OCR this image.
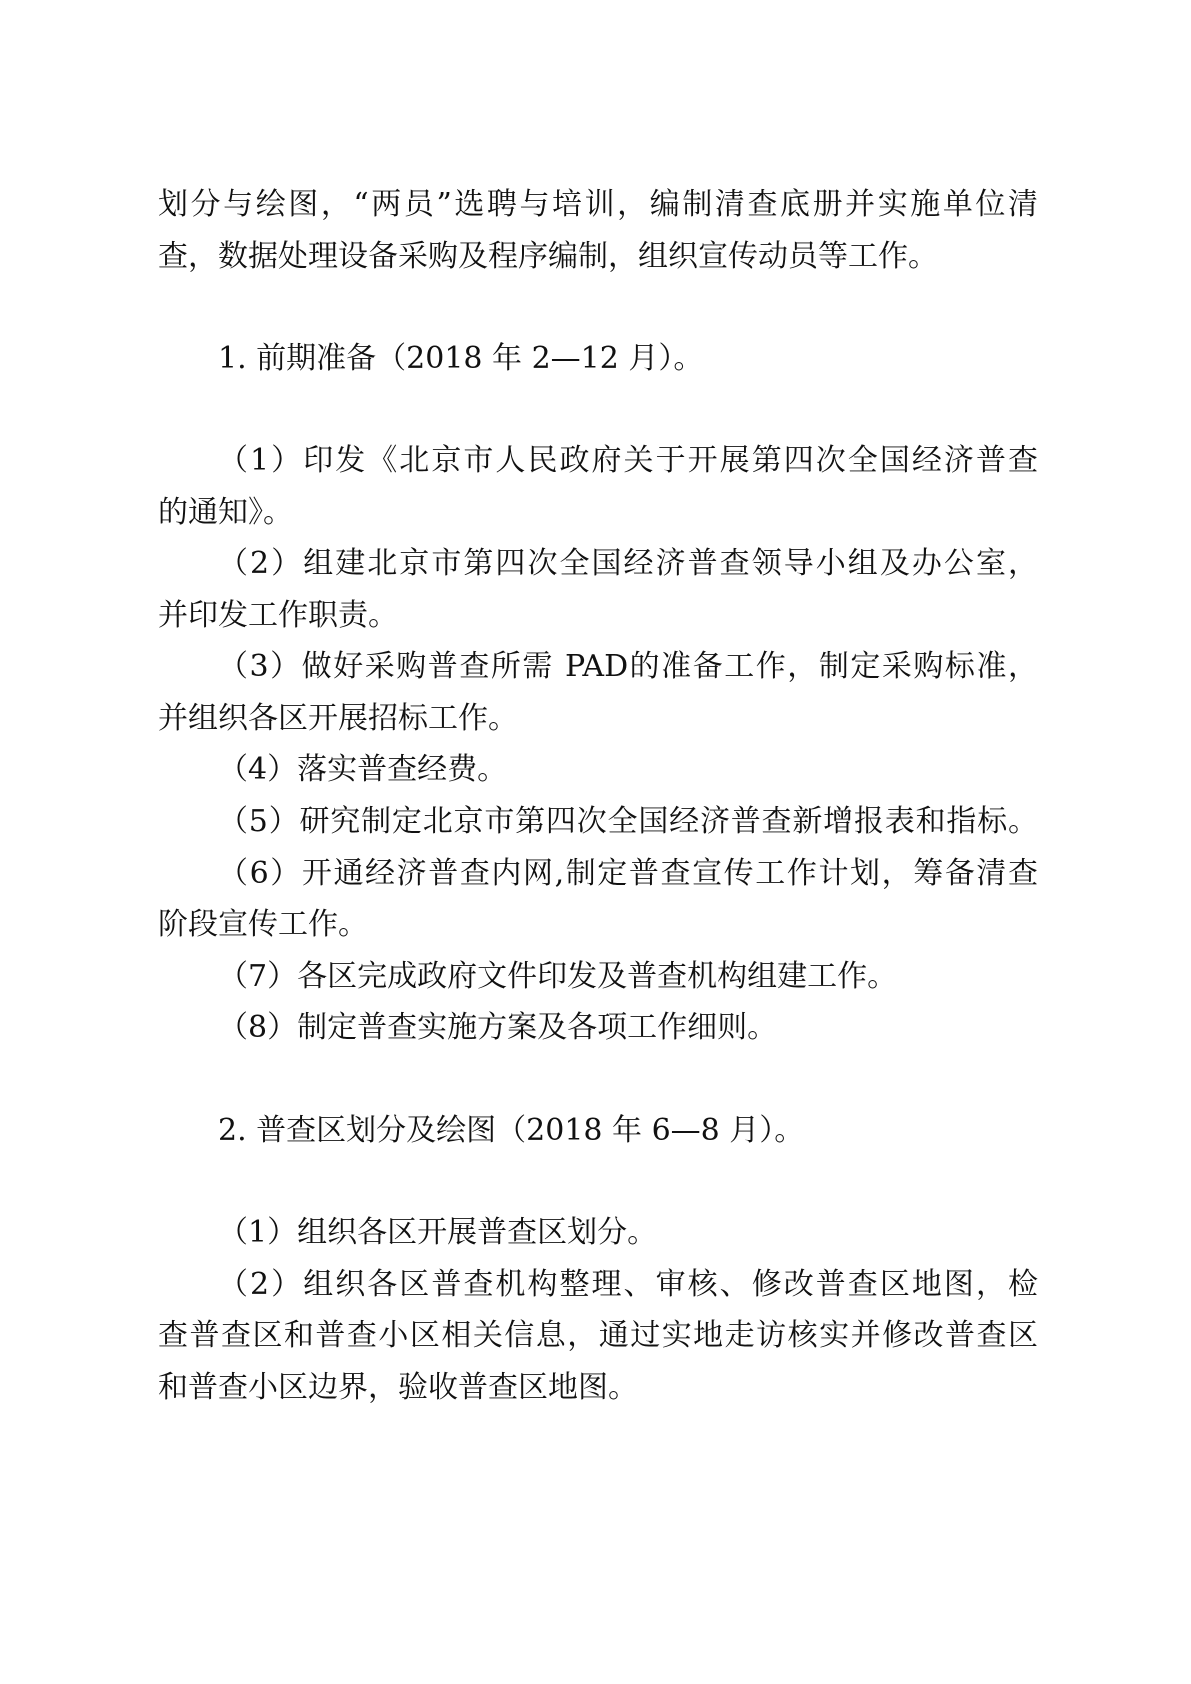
划分与绘图，“两员”选聘与培训，编制清查底册并实施单位清
查，数据处理设备采购及程序编制，组织宣传动员等工作。
1. 前期准备（2018 年 2—12 月）。
（1）印发《北京市人民政府关于开展第四次全国经济普查
的通知》。
（2）组建北京市第四次全国经济普查领导小组及办公室，
并印发工作职责。
（3）做好采购普查所需 PAD的准备工作，制定采购标准，
并组织各区开展招标工作。
（4）落实普查经费。
（5）研究制定北京市第四次全国经济普查新增报表和指标。
（6）开通经济普查内网,制定普查宣传工作计划，筹备清查
阶段宣传工作。
（7）各区完成政府文件印发及普查机构组建工作。
（8）制定普查实施方案及各项工作细则。
2. 普查区划分及绘图（2018 年 6—8 月）。
（1）组织各区开展普查区划分。
（2）组织各区普查机构整理、审核、修改普查区地图，检
查普查区和普查小区相关信息，通过实地走访核实并修改普查区
和普查小区边界，验收普查区地图。
